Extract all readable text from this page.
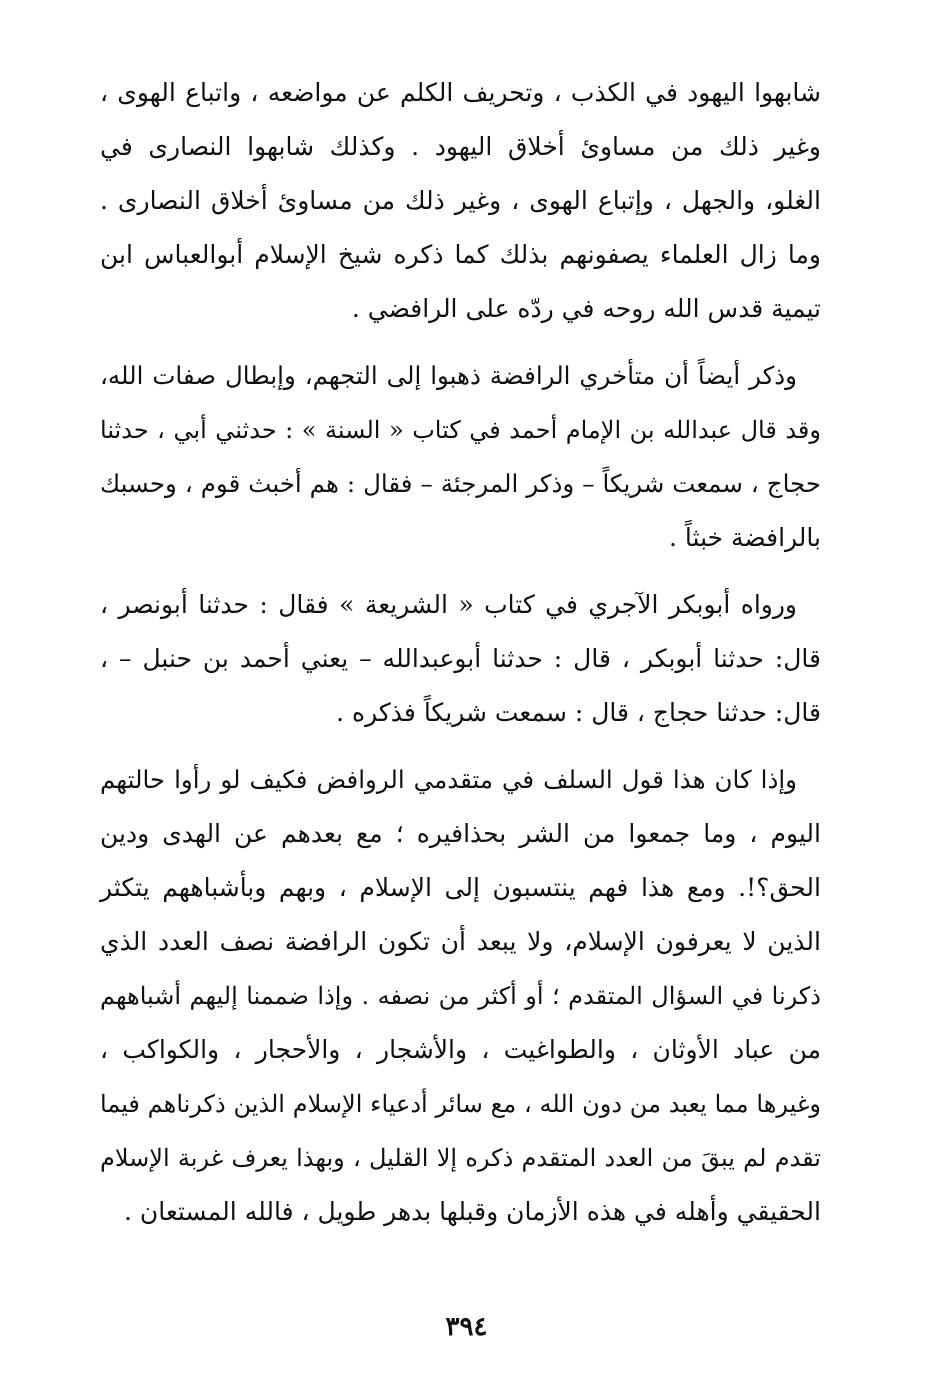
شابهوا اليهود في الكذب ، وتحريف الكلم عن مواضعه ، واتباع الهوى ،
وغير ذلك من مساوئ أخلاق اليهود . وكذلك شابهوا النصارى في
الغلو، والجهل ، وإتباع الهوى ، وغير ذلك من مساوئ أخلاق النصارى .
وما زال العلماء يصفونهم بذلك كما ذكره شيخ الإسلام أبوالعباس ابن
تيمية قدس الله روحه في ردّه على الرافضي .

وذكر أيضاً أن متأخري الرافضة ذهبوا إلى التجهم، وإبطال صفات الله،
وقد قال عبدالله بن الإمام أحمد في كتاب « السنة » : حدثني أبي ، حدثنا
حجاج ، سمعت شريكاً – وذكر المرجئة – فقال : هم أخبث قوم ، وحسبك
بالرافضة خبثاً .

ورواه أبوبكر الآجري في كتاب « الشريعة » فقال : حدثنا أبونصر ،
قال: حدثنا أبوبكر ، قال : حدثنا أبوعبدالله – يعني أحمد بن حنبل – ،
قال: حدثنا حجاج ، قال : سمعت شريكاً فذكره .

وإذا كان هذا قول السلف في متقدمي الروافض فكيف لو رأوا حالتهم
اليوم ، وما جمعوا من الشر بحذافيره ؛ مع بعدهم عن الهدى ودين
الحق؟!. ومع هذا فهم ينتسبون إلى الإسلام ، وبهم وبأشباههم يتكثر
الذين لا يعرفون الإسلام، ولا يبعد أن تكون الرافضة نصف العدد الذي
ذكرنا في السؤال المتقدم ؛ أو أكثر من نصفه . وإذا ضممنا إليهم أشباههم
من عباد الأوثان ، والطواغيت ، والأشجار ، والأحجار ، والكواكب ،
وغيرها مما يعبد من دون الله ، مع سائر أدعياء الإسلام الذين ذكرناهم فيما
تقدم لم يبقَ من العدد المتقدم ذكره إلا القليل ، وبهذا يعرف غربة الإسلام
الحقيقي وأهله في هذه الأزمان وقبلها بدهر طويل ، فالله المستعان .

٣٩٤
